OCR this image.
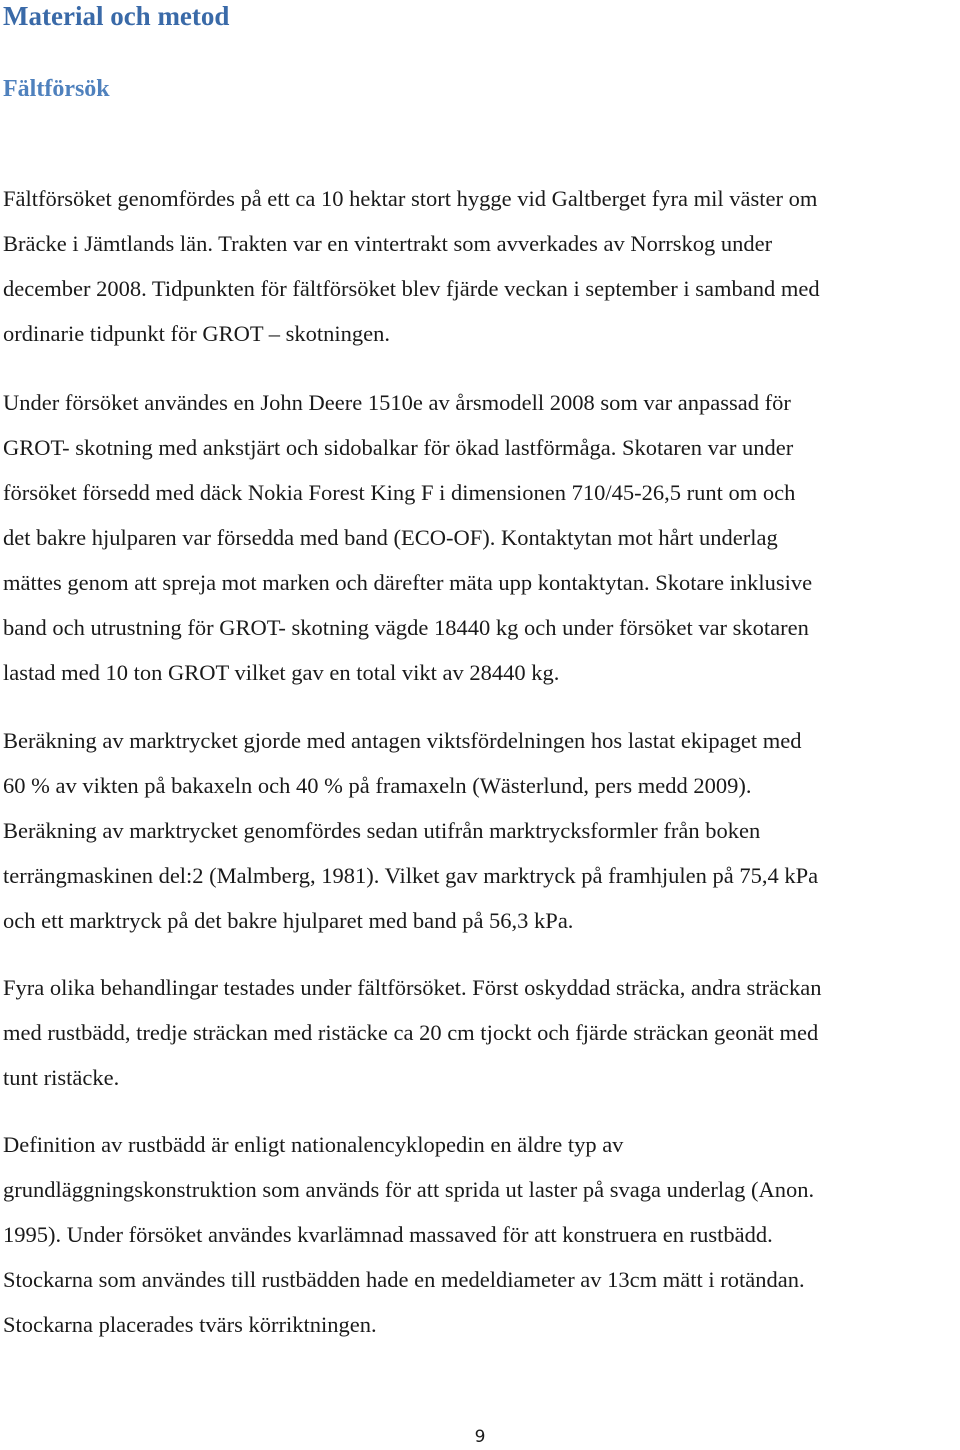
Material och metod
Fältförsök

Fältförsöket genomfördes på ett ca 10 hektar stort hygge vid Galtberget fyra mil väster om
Bräcke i Jämtlands län. Trakten var en vintertrakt som avverkades av Norrskog under
december 2008. Tidpunkten för fältförsöket blev fjärde veckan i september i samband med
ordinarie tidpunkt för GROT – skotningen.

Under försöket användes en John Deere 1510e av årsmodell 2008 som var anpassad för
GROT- skotning med ankstjärt och sidobalkar för ökad lastförmåga. Skotaren var under
försöket försedd med däck Nokia Forest King F i dimensionen 710/45-26,5 runt om och
det bakre hjulparen var försedda med band (ECO-OF). Kontaktytan mot hårt underlag
mättes genom att spreja mot marken och därefter mäta upp kontaktytan. Skotare inklusive
band och utrustning för GROT- skotning vägde 18440 kg och under försöket var skotaren
lastad med 10 ton GROT vilket gav en total vikt av 28440 kg.

Beräkning av marktrycket gjorde med antagen viktsfördelningen hos lastat ekipaget med
60 % av vikten på bakaxeln och 40 % på framaxeln (Wästerlund, pers medd 2009).
Beräkning av marktrycket genomfördes sedan utifrån marktrycksformler från boken
terrängmaskinen del:2 (Malmberg, 1981). Vilket gav marktryck på framhjulen på 75,4 kPa
och ett marktryck på det bakre hjulparet med band på 56,3 kPa.

Fyra olika behandlingar testades under fältförsöket. Först oskyddad sträcka, andra sträckan
med rustbädd, tredje sträckan med ristäcke ca 20 cm tjockt och fjärde sträckan geonät med
tunt ristäcke.

Definition av rustbädd är enligt nationalencyklopedin en äldre typ av
grundläggningskonstruktion som används för att sprida ut laster på svaga underlag (Anon.
1995). Under försöket användes kvarlämnad massaved för att konstruera en rustbädd.
Stockarna som användes till rustbädden hade en medeldiameter av 13cm mätt i rotändan.
Stockarna placerades tvärs körriktningen.

9
